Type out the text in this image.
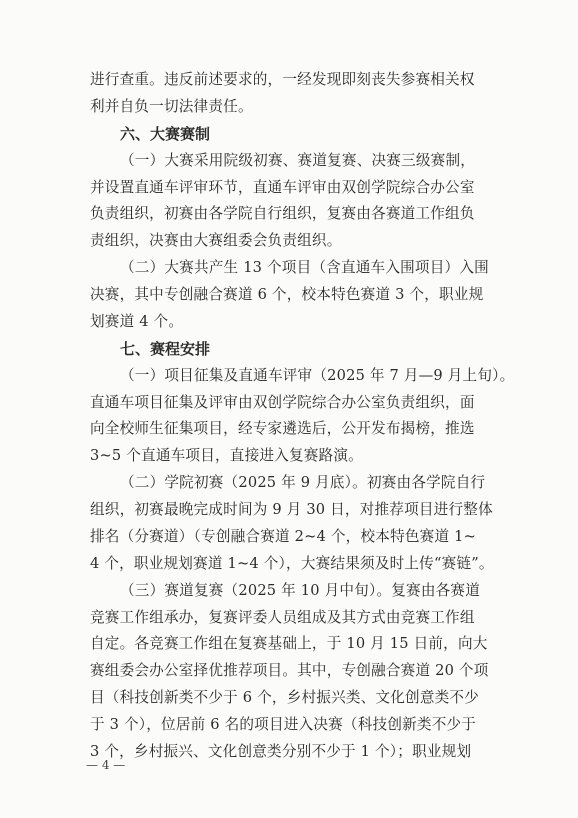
— 4 —
进行查重。违反前述要求的，一经发现即刻丧失参赛相关权
利并自负一切法律责任。
六、大赛赛制
（一）大赛采用院级初赛、赛道复赛、决赛三级赛制，
并设置直通车评审环节，直通车评审由双创学院综合办公室
负责组织，初赛由各学院自行组织，复赛由各赛道工作组负
责组织，决赛由大赛组委会负责组织。
（二）大赛共产生 13 个项目（含直通车入围项目）入围
决赛，其中专创融合赛道 6 个，校本特色赛道 3 个，职业规
划赛道 4 个。
七、赛程安排
（一）项目征集及直通车评审（2025 年 7 月—9 月上旬）。
直通车项目征集及评审由双创学院综合办公室负责组织，面
向全校师生征集项目，经专家遴选后，公开发布揭榜，推选
3~5 个直通车项目，直接进入复赛路演。
（二）学院初赛（2025 年 9 月底）。初赛由各学院自行
组织，初赛最晚完成时间为 9 月 30 日，对推荐项目进行整体
排名（分赛道）（专创融合赛道 2~4 个，校本特色赛道 1~
4 个，职业规划赛道 1~4 个），大赛结果须及时上传“赛链”。
（三）赛道复赛（2025 年 10 月中旬）。复赛由各赛道
竞赛工作组承办，复赛评委人员组成及其方式由竞赛工作组
自定。各竞赛工作组在复赛基础上，于 10 月 15 日前，向大
赛组委会办公室择优推荐项目。其中，专创融合赛道 20 个项
目（科技创新类不少于 6 个，乡村振兴类、文化创意类不少
于 3 个），位居前 6 名的项目进入决赛（科技创新类不少于
3 个，乡村振兴、文化创意类分别不少于 1 个）；职业规划
